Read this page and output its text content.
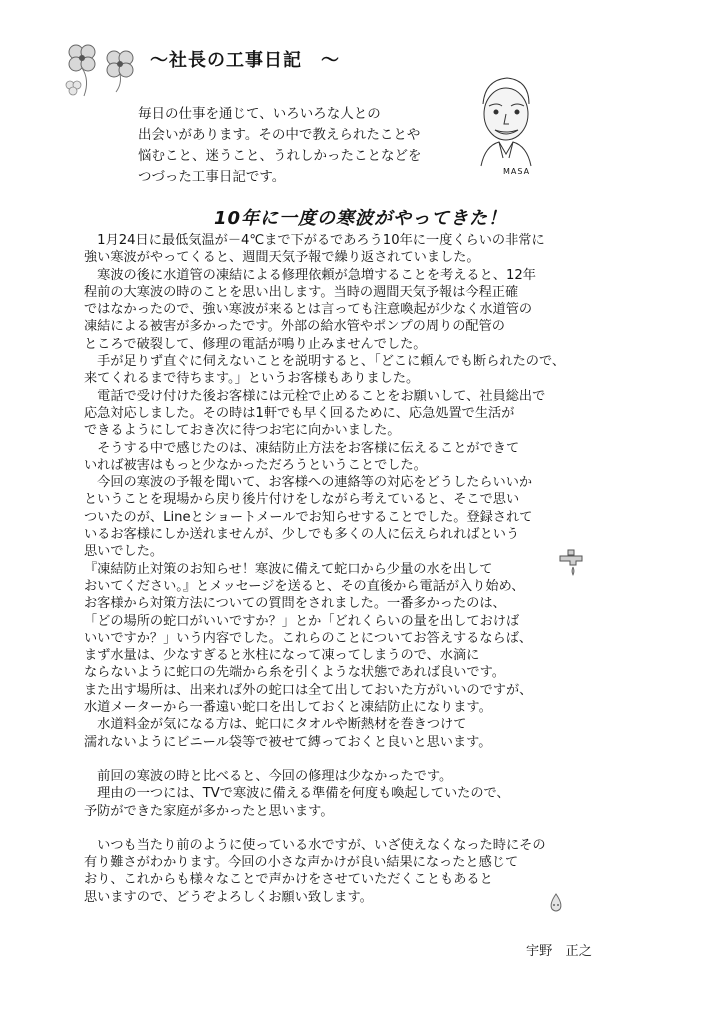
～社長の工事日記　～

毎日の仕事を通じて、いろいろな人との

出会いがあります。その中で教えられたことや

悩むこと、迷うこと、うれしかったことなどを

つづった工事日記です。	MASA
10年に一度の寒波がやってきた！

　1月24日に最低気温が－4℃まで下がるであろう10年に一度くらいの非常に

強い寒波がやってくると、週間天気予報で繰り返されていました。

　寒波の後に水道管の凍結による修理依頼が急増することを考えると、12年

程前の大寒波の時のことを思い出します。当時の週間天気予報は今程正確

ではなかったので、強い寒波が来るとは言っても注意喚起が少なく水道管の

凍結による被害が多かったです。外部の給水管やポンプの周りの配管の

ところで破裂して、修理の電話が鳴り止みませんでした。

　手が足りず直ぐに伺えないことを説明すると、「どこに頼んでも断られたので、

来てくれるまで待ちます。」というお客様もありました。

　電話で受け付けた後お客様には元栓で止めることをお願いして、社員総出で

応急対応しました。その時は1軒でも早く回るために、応急処置で生活が

できるようにしておき次に待つお宅に向かいました。

　そうする中で感じたのは、凍結防止方法をお客様に伝えることができて

いれば被害はもっと少なかっただろうということでした。

　今回の寒波の予報を聞いて、お客様への連絡等の対応をどうしたらいいか

ということを現場から戻り後片付けをしながら考えていると、そこで思い

ついたのが、Lineとショートメールでお知らせすることでした。登録されて

いるお客様にしか送れませんが、少しでも多くの人に伝えられればという

思いでした。

『凍結防止対策のお知らせ！寒波に備えて蛇口から少量の水を出して

おいてください。』とメッセージを送ると、その直後から電話が入り始め、

お客様から対策方法についての質問をされました。一番多かったのは、

「どの場所の蛇口がいいですか？」とか「どれくらいの量を出しておけば

いいですか？」いう内容でした。これらのことについてお答えするならば、

まず水量は、少なすぎると氷柱になって凍ってしまうので、水滴に

ならないように蛇口の先端から糸を引くような状態であれば良いです。

また出す場所は、出来れば外の蛇口は全て出しておいた方がいいのですが、

水道メーターから一番遠い蛇口を出しておくと凍結防止になります。

　水道料金が気になる方は、蛇口にタオルや断熱材を巻きつけて

濡れないようにビニール袋等で被せて縛っておくと良いと思います。

　前回の寒波の時と比べると、今回の修理は少なかったです。

　理由の一つには、TVで寒波に備える準備を何度も喚起していたので、

予防ができた家庭が多かったと思います。

　いつも当たり前のように使っている水ですが、いざ使えなくなった時にその

有り難さがわかります。今回の小さな声かけが良い結果になったと感じて

おり、これからも様々なことで声かけをさせていただくこともあると

思いますので、どうぞよろしくお願い致します。

宇野　正之
